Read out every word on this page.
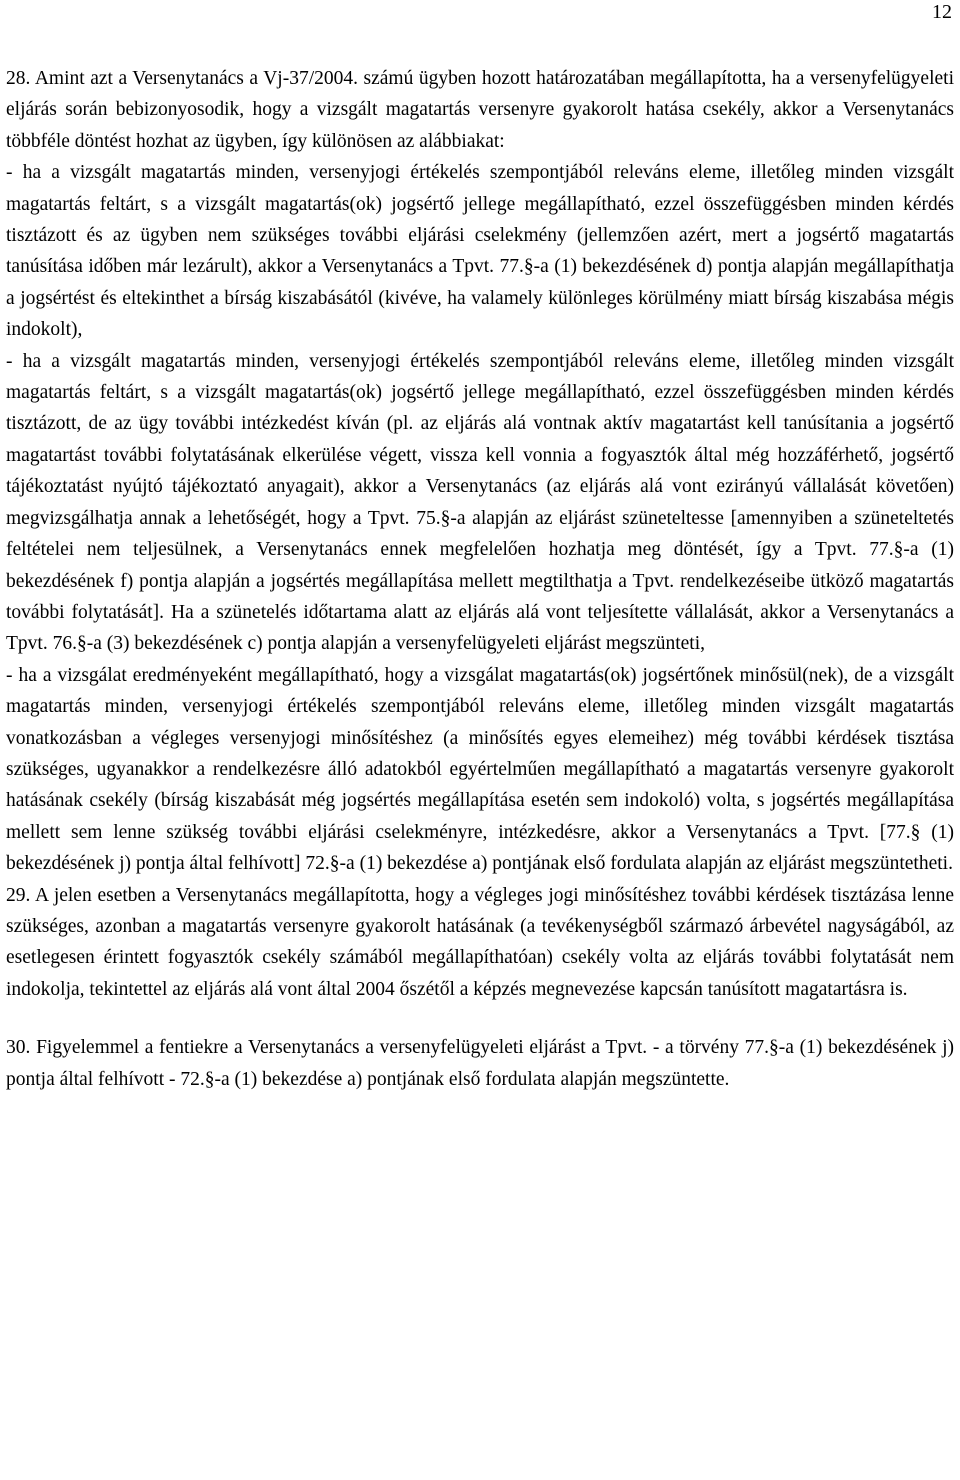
12

28. Amint azt a Versenytanács a Vj-37/2004. számú ügyben hozott határozatában megállapította, ha a versenyfelügyeleti eljárás során bebizonyosodik, hogy a vizsgált magatartás versenyre gyakorolt hatása csekély, akkor a Versenytanács többféle döntést hozhat az ügyben, így különösen az alábbiakat:

- ha a vizsgált magatartás minden, versenyjogi értékelés szempontjából releváns eleme, illetőleg minden vizsgált magatartás feltárt, s a vizsgált magatartás(ok) jogsértő jellege megállapítható, ezzel összefüggésben minden kérdés tisztázott és az ügyben nem szükséges további eljárási cselekmény (jellemzően azért, mert a jogsértő magatartás tanúsítása időben már lezárult), akkor a Versenytanács a Tpvt. 77.§-a (1) bekezdésének d) pontja alapján megállapíthatja a jogsértést és eltekinthet a bírság kiszabásától (kivéve, ha valamely különleges körülmény miatt bírság kiszabása mégis indokolt),

- ha a vizsgált magatartás minden, versenyjogi értékelés szempontjából releváns eleme, illetőleg minden vizsgált magatartás feltárt, s a vizsgált magatartás(ok) jogsértő jellege megállapítható, ezzel összefüggésben minden kérdés tisztázott, de az ügy további intézkedést kíván (pl. az eljárás alá vontnak aktív magatartást kell tanúsítania a jogsértő magatartást további folytatásának elkerülése végett, vissza kell vonnia a fogyasztók által még hozzáférhető, jogsértő tájékoztatást nyújtó tájékoztató anyagait), akkor a Versenytanács (az eljárás alá vont ezirányú vállalását követően) megvizsgálhatja annak a lehetőségét, hogy a Tpvt. 75.§-a alapján az eljárást szüneteltesse [amennyiben a szüneteltetés feltételei nem teljesülnek, a Versenytanács ennek megfelelően hozhatja meg döntését, így a Tpvt. 77.§-a (1) bekezdésének f) pontja alapján a jogsértés megállapítása mellett megtilthatja a Tpvt. rendelkezéseibe ütköző magatartás további folytatását]. Ha a szünetelés időtartama alatt az eljárás alá vont teljesítette vállalását, akkor a Versenytanács a Tpvt. 76.§-a (3) bekezdésének c) pontja alapján a versenyfelügyeleti eljárást megszünteti,

- ha a vizsgálat eredményeként megállapítható, hogy a vizsgálat magatartás(ok) jogsértőnek minősül(nek), de a vizsgált magatartás minden, versenyjogi értékelés szempontjából releváns eleme, illetőleg minden vizsgált magatartás vonatkozásban a végleges versenyjogi minősítéshez (a minősítés egyes elemeihez) még további kérdések tisztása szükséges, ugyanakkor a rendelkezésre álló adatokból egyértelműen megállapítható a magatartás versenyre gyakorolt hatásának csekély (bírság kiszabását még jogsértés megállapítása esetén sem indokoló) volta, s jogsértés megállapítása mellett sem lenne szükség további eljárási cselekményre, intézkedésre, akkor a Versenytanács a Tpvt. [77.§ (1) bekezdésének j) pontja által felhívott] 72.§-a (1) bekezdése a) pontjának első fordulata alapján az eljárást megszüntetheti.

29. A jelen esetben a Versenytanács megállapította, hogy a végleges jogi minősítéshez további kérdések tisztázása lenne szükséges, azonban a magatartás versenyre gyakorolt hatásának (a tevékenységből származó árbevétel nagyságából, az esetlegesen érintett fogyasztók csekély számából megállapíthatóan) csekély volta az eljárás további folytatását nem indokolja, tekintettel az eljárás alá vont által 2004 őszétől a képzés megnevezése kapcsán tanúsított magatartásra is.

30. Figyelemmel a fentiekre a Versenytanács a versenyfelügyeleti eljárást a Tpvt. - a törvény 77.§-a (1) bekezdésének j) pontja által felhívott - 72.§-a (1) bekezdése a) pontjának első fordulata alapján megszüntette.
